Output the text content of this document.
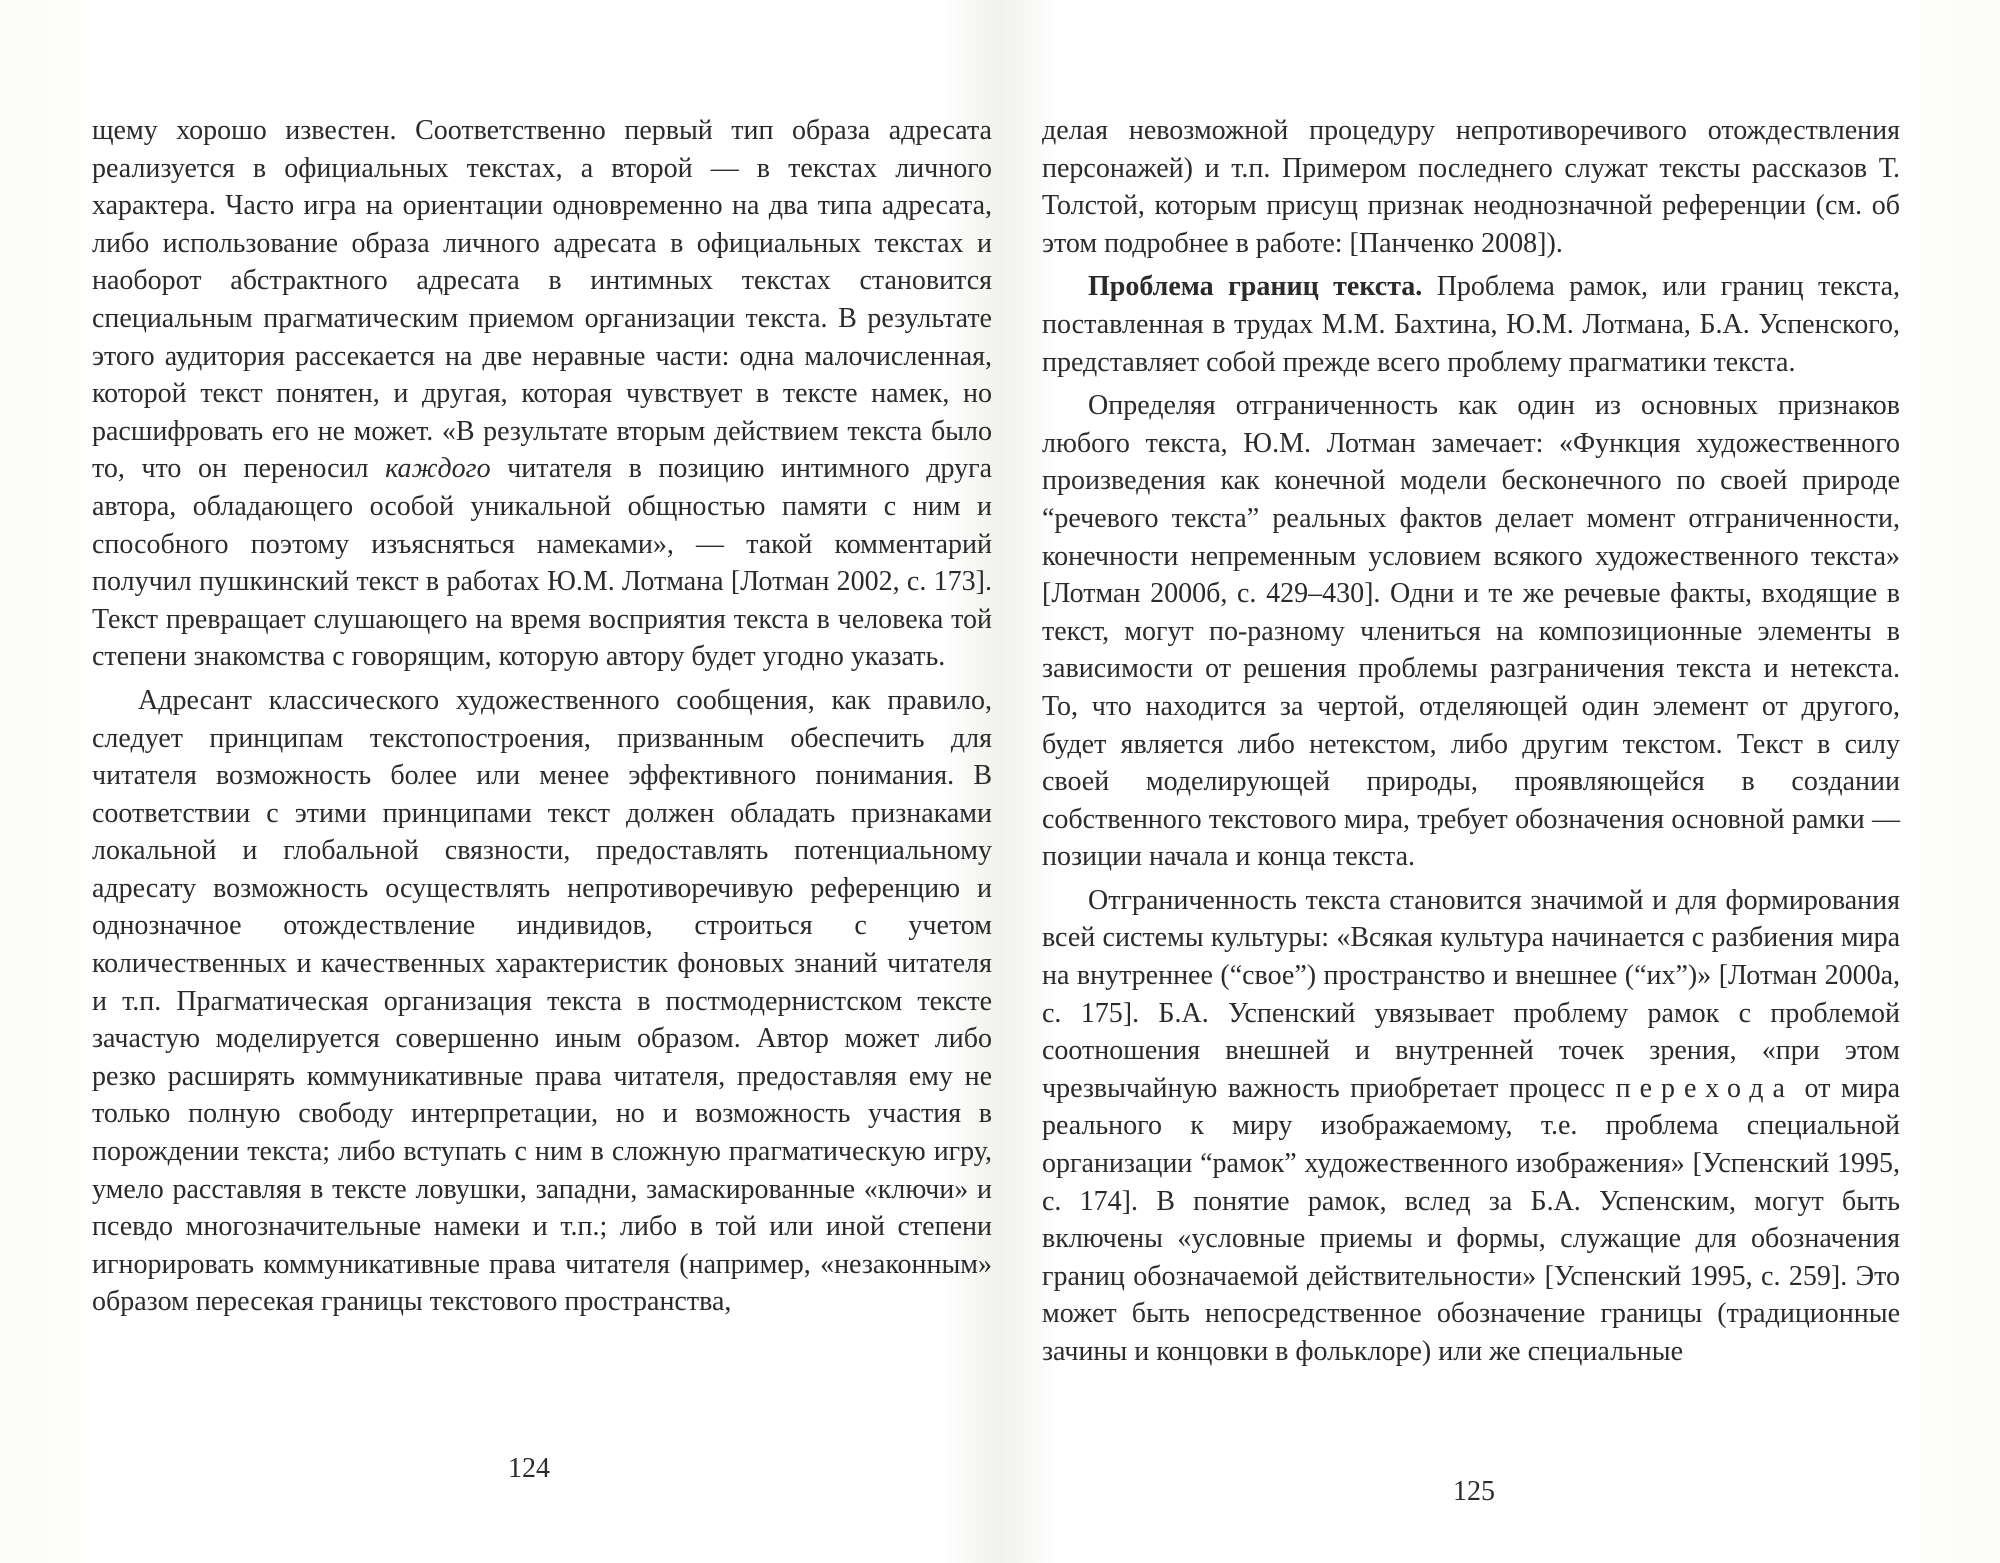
щему хорошо известен. Соответственно первый тип образа адресата реализуется в официальных текстах, а второй — в текстах личного характера. Часто игра на ориентации одновременно на два типа адресата, либо использование образа личного адресата в официальных текстах и наоборот абстрактного адресата в интимных текстах становится специальным прагматическим приемом организации текста. В результате этого аудитория рассекается на две неравные части: одна малочисленная, которой текст понятен, и другая, которая чувствует в тексте намек, но расшифровать его не может. «В результате вторым действием текста было то, что он переносил каждого читателя в позицию интимного друга автора, обладающего особой уникальной общностью памяти с ним и способного поэтому изъясняться намеками», — такой комментарий получил пушкинский текст в работах Ю.М. Лотмана [Лотман 2002, с. 173]. Текст превращает слушающего на время восприятия текста в человека той степени знакомства с говорящим, которую автору будет угодно указать.

Адресант классического художественного сообщения, как правило, следует принципам текстопостроения, призванным обеспечить для читателя возможность более или менее эффективного понимания. В соответствии с этими принципами текст должен обладать признаками локальной и глобальной связности, предоставлять потенциальному адресату возможность осуществлять непротиворечивую референцию и однозначное отождествление индивидов, строиться с учетом количественных и качественных характеристик фоновых знаний читателя и т.п. Прагматическая организация текста в постмодернистском тексте зачастую моделируется совершенно иным образом. Автор может либо резко расширять коммуникативные права читателя, предоставляя ему не только полную свободу интерпретации, но и возможность участия в порождении текста; либо вступать с ним в сложную прагматическую игру, умело расставляя в тексте ловушки, западни, замаскированные «ключи» и псевдо многозначительные намеки и т.п.; либо в той или иной степени игнорировать коммуникативные права читателя (например, «незаконным» образом пересекая границы текстового пространства,

124

делая невозможной процедуру непротиворечивого отождествления персонажей) и т.п. Примером последнего служат тексты рассказов Т. Толстой, которым присущ признак неоднозначной референции (см. об этом подробнее в работе: [Панченко 2008]).

Проблема границ текста. Проблема рамок, или границ текста, поставленная в трудах М.М. Бахтина, Ю.М. Лотмана, Б.А. Успенского, представляет собой прежде всего проблему прагматики текста.

Определяя отграниченность как один из основных признаков любого текста, Ю.М. Лотман замечает: «Функция художественного произведения как конечной модели бесконечного по своей природе “речевого текста” реальных фактов делает момент отграниченности, конечности непременным условием всякого художественного текста» [Лотман 2000б, с. 429–430]. Одни и те же речевые факты, входящие в текст, могут по-разному члениться на композиционные элементы в зависимости от решения проблемы разграничения текста и нетекста. То, что находится за чертой, отделяющей один элемент от другого, будет является либо нетекстом, либо другим текстом. Текст в силу своей моделирующей природы, проявляющейся в создании собственного текстового мира, требует обозначения основной рамки — позиции начала и конца текста.

Отграниченность текста становится значимой и для формирования всей системы культуры: «Всякая культура начинается с разбиения мира на внутреннее (“свое”) пространство и внешнее (“их”)» [Лотман 2000а, с. 175]. Б.А. Успенский увязывает проблему рамок с проблемой соотношения внешней и внутренней точек зрения, «при этом чрезвычайную важность приобретает процесс перехода от мира реального к миру изображаемому, т.е. проблема специальной организации “рамок” художественного изображения» [Успенский 1995, с. 174]. В понятие рамок, вслед за Б.А. Успенским, могут быть включены «условные приемы и формы, служащие для обозначения границ обозначаемой действительности» [Успенский 1995, с. 259]. Это может быть непосредственное обозначение границы (традиционные зачины и концовки в фольклоре) или же специальные

125
